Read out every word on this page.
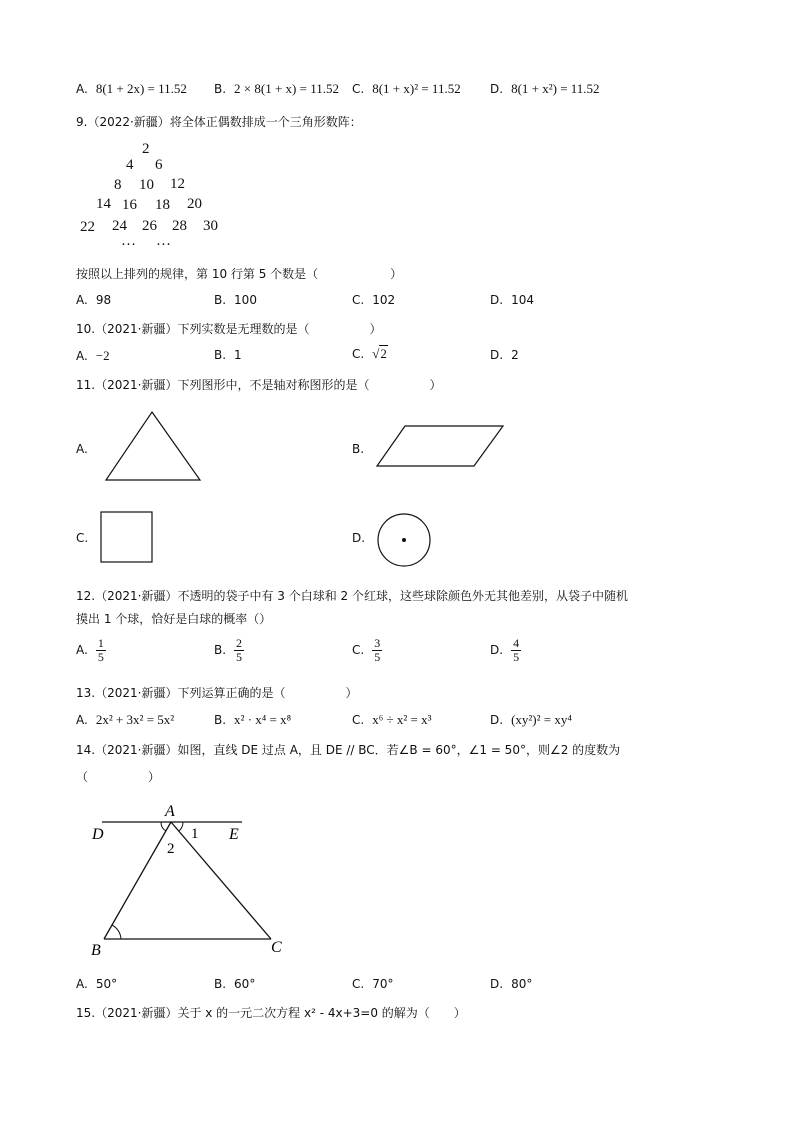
A. 8(1 + 2x) = 11.52 B. 2 × 8(1 + x) = 11.52 C. 8(1 + x)² = 11.52 D. 8(1 + x²) = 11.52
9.（2022·新疆）将全体正偶数排成一个三角形数阵：
2
4 6
8 10 12
14 16 18 20
22 24 26 28 30
… …
按照以上排列的规律，第 10 行第 5 个数是（　　　　　　）
A. 98	B. 100	C. 102	D. 104
10.（2021·新疆）下列实数是无理数的是（　　　　　）
A. −2	B. 1	C. √2	D. 2
11.（2021·新疆）下列图形中，不是轴对称图形的是（　　　　　）
A.	B.
C.	D.
12.（2021·新疆）不透明的袋子中有 3 个白球和 2 个红球，这些球除颜色外无其他差别，从袋子中随机
摸出 1 个球，恰好是白球的概率（）
A. $\frac{1}{5}$	B. $\frac{2}{5}$	C. $\frac{3}{5}$	D. $\frac{4}{5}$
13.（2021·新疆）下列运算正确的是（　　　　　）
A. 2x² + 3x² = 5x²	B. x² · x⁴ = x⁸	C. x⁶ ÷ x² = x³	D. (xy²)² = xy⁴
14.（2021·新疆）如图，直线 DE 过点 A，且 DE // BC．若∠B = 60°，∠1 = 50°，则∠2 的度数为
（　　　　　）
A
D	E
1
2
B	C
A. 50°	B. 60°	C. 70°	D. 80°
15.（2021·新疆）关于 x 的一元二次方程 x² - 4x+3=0 的解为（　　）
